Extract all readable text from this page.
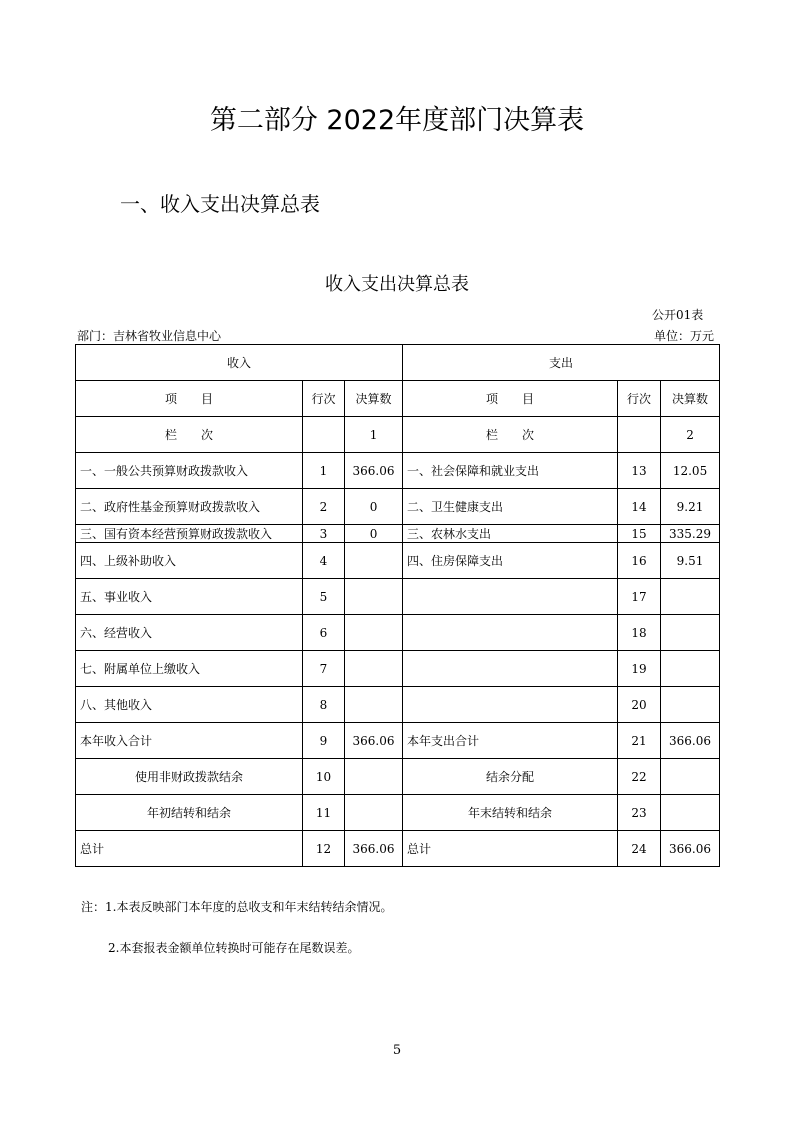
第二部分 2022年度部门决算表
一、收入支出决算总表
收入支出决算总表
公开01表
部门：吉林省牧业信息中心	单位：万元
收入			支出		
项　　目	行次	决算数	项　　目	行次	决算数
栏　　次		1	栏　　次		2
一、一般公共预算财政拨款收入	1	366.06	一、社会保障和就业支出	13	12.05
二、政府性基金预算财政拨款收入	2	0	二、卫生健康支出	14	9.21
三、国有资本经营预算财政拨款收入	3	0	三、农林水支出	15	335.29
四、上级补助收入	4		四、住房保障支出	16	9.51
五、事业收入	5			17	
六、经营收入	6			18	
七、附属单位上缴收入	7			19	
八、其他收入	8			20	
本年收入合计	9	366.06	本年支出合计	21	366.06
使用非财政拨款结余	10		结余分配	22	
年初结转和结余	11		年末结转和结余	23	
总计	12	366.06	总计	24	366.06
注：1.本表反映部门本年度的总收支和年末结转结余情况。
2.本套报表金额单位转换时可能存在尾数误差。
5
